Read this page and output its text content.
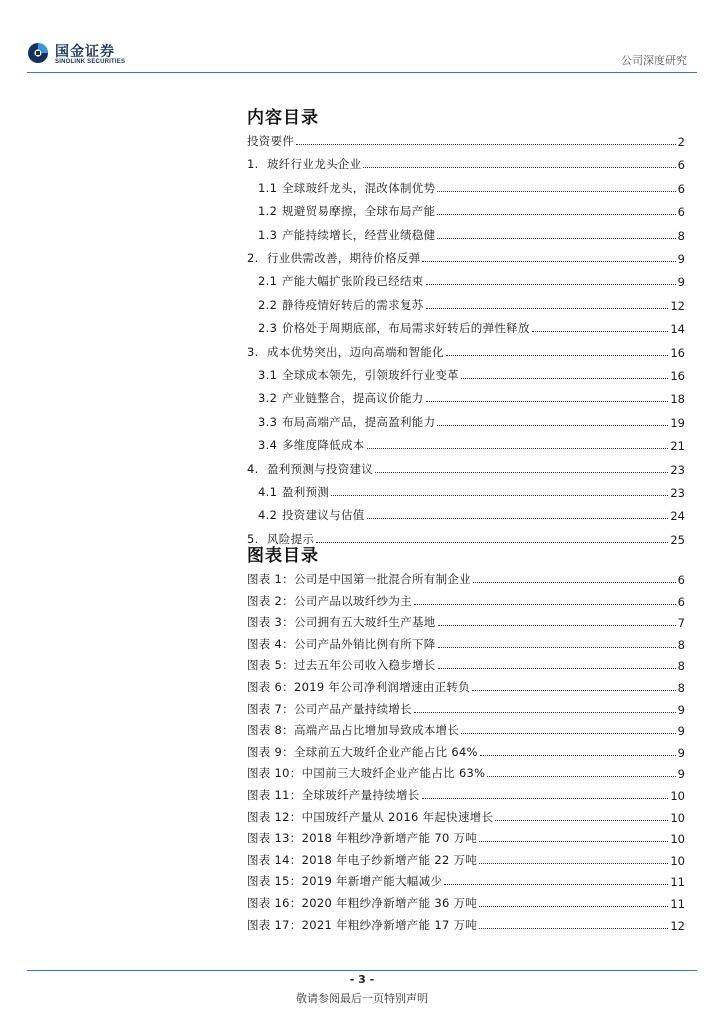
国金证券
SINOLINK SECURITIES	公司深度研究
内容目录
投资要件	2
1. 玻纤行业龙头企业	6
1.1 全球玻纤龙头，混改体制优势	6
1.2 规避贸易摩擦，全球布局产能	6
1.3 产能持续增长，经营业绩稳健	8
2. 行业供需改善，期待价格反弹	9
2.1 产能大幅扩张阶段已经结束	9
2.2 静待疫情好转后的需求复苏	12
2.3 价格处于周期底部，布局需求好转后的弹性释放	14
3. 成本优势突出，迈向高端和智能化	16
3.1 全球成本领先，引领玻纤行业变革	16
3.2 产业链整合，提高议价能力	18
3.3 布局高端产品，提高盈利能力	19
3.4 多维度降低成本	21
4. 盈利预测与投资建议	23
4.1 盈利预测	23
4.2 投资建议与估值	24
5. 风险提示	25
图表目录
图表 1：公司是中国第一批混合所有制企业	6
图表 2：公司产品以玻纤纱为主	6
图表 3：公司拥有五大玻纤生产基地	7
图表 4：公司产品外销比例有所下降	8
图表 5：过去五年公司收入稳步增长	8
图表 6：2019 年公司净利润增速由正转负	8
图表 7：公司产品产量持续增长	9
图表 8：高端产品占比增加导致成本增长	9
图表 9：全球前五大玻纤企业产能占比 64%	9
图表 10：中国前三大玻纤企业产能占比 63%	9
图表 11：全球玻纤产量持续增长	10
图表 12：中国玻纤产量从 2016 年起快速增长	10
图表 13：2018 年粗纱净新增产能 70 万吨	10
图表 14：2018 年电子纱新增产能 22 万吨	10
图表 15：2019 年新增产能大幅减少	11
图表 16：2020 年粗纱净新增产能 36 万吨	11
图表 17：2021 年粗纱净新增产能 17 万吨	12
- 3 -
敬请参阅最后一页特别声明
